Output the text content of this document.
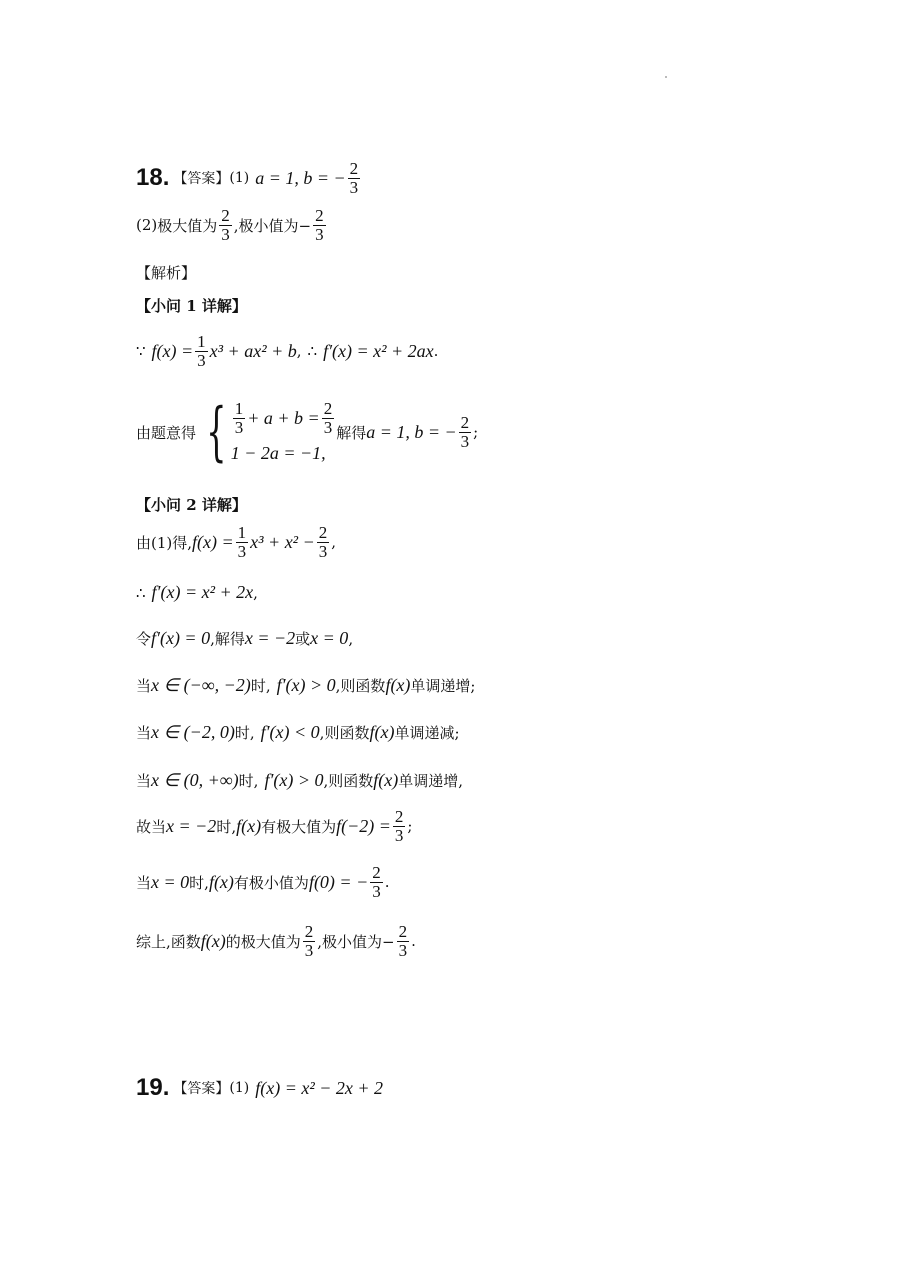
18. 【答案】 (1) a = 1, b = − $\frac{2}{3}$
(2) 极大值为 $\frac{2}{3}$ ,极小值为− $\frac{2}{3}$
【解析】
【小问 1 详解】
∵ $f(x) = \frac{1}{3} x^3 + ax^2 + b$ , ∴ f′(x) = x² + 2ax .
由题意得 { $\frac{1}{3} + a + b = \frac{2}{3}$
1 − 2a = −1,
解得 a = 1, b = − $\frac{2}{3}$ ;
【小问 2 详解】
由(1)得, $f(x) = \frac{1}{3} x^3 + x^2 - \frac{2}{3}$ ,
∴ f′(x) = x² + 2x ,
令 f′(x) = 0 ,解得 x = −2 或 x = 0 ,
当 x ∈ (−∞, −2) 时, f′(x) > 0 ,则函数 f(x) 单调递增;
当 x ∈ (−2, 0) 时, f′(x) < 0 ,则函数 f(x) 单调递减;
当 x ∈ (0, +∞) 时, f′(x) > 0 ,则函数 f(x) 单调递增,
故当 x = −2 时, f(x) 有极大值为 $f(-2) = \frac{2}{3}$ ;
当 x = 0 时, f(x) 有极小值为 f(0) = − $\frac{2}{3}$ .
综上,函数 f(x) 的极大值为 $\frac{2}{3}$ ,极小值为− $\frac{2}{3}$ .
19. 【答案】 (1) f(x) = x² − 2x + 2
